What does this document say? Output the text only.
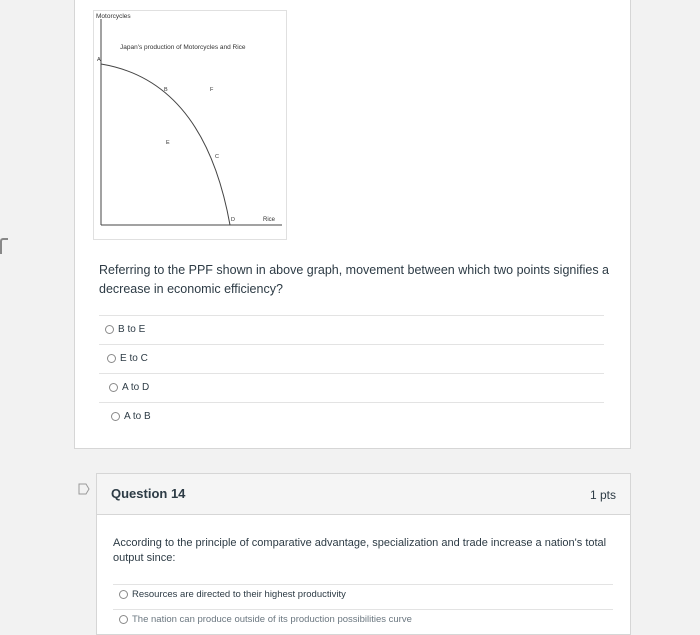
Motorcycles
Japan's production of Motorcycles and Rice
A
B	F
E
C
D	Rice
Referring to the PPF shown in above graph, movement between which two points signifies a decrease in economic efficiency?
B to E
E to C
A to D
A to B
Question 14	1 pts
According to the principle of comparative advantage, specialization and trade increase a nation's total output since:
Resources are directed to their highest productivity
The nation can produce outside of its production possibilities curve
